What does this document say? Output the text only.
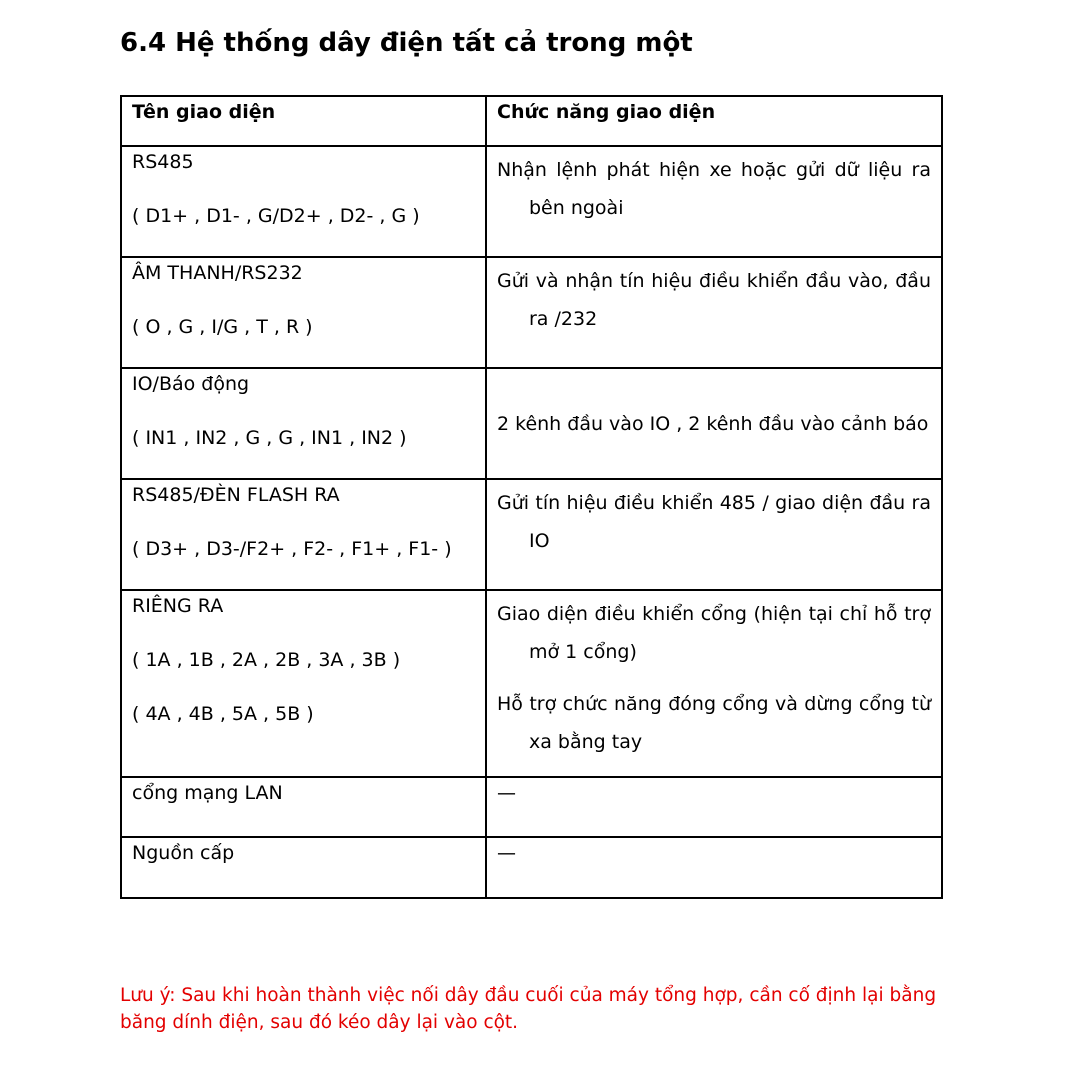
6.4 Hệ thống dây điện tất cả trong một
Tên giao diện	Chức năng giao diện

RS485
( D1+ , D1- , G/D2+ , D2- , G )	Nhận lệnh phát hiện xe hoặc gửi dữ liệu ra bên ngoài

ÂM THANH/RS232
( O , G , I/G , T , R )	Gửi và nhận tín hiệu điều khiển đầu vào, đầu ra /232

IO/Báo động
( IN1 , IN2 , G , G , IN1 , IN2 )	2 kênh đầu vào IO , 2 kênh đầu vào cảnh báo

RS485/ĐÈN FLASH RA
( D3+ , D3-/F2+ , F2- , F1+ , F1- )	Gửi tín hiệu điều khiển 485 / giao diện đầu ra IO

RIÊNG RA
( 1A , 1B , 2A , 2B , 3A , 3B )
( 4A , 4B , 5A , 5B )	Giao diện điều khiển cổng (hiện tại chỉ hỗ trợ mở 1 cổng)
Hỗ trợ chức năng đóng cổng và dừng cổng từ xa bằng tay

cổng mạng LAN	—

Nguồn cấp	—
Lưu ý: Sau khi hoàn thành việc nối dây đầu cuối của máy tổng hợp, cần cố định lại bằng băng dính điện, sau đó kéo dây lại vào cột.
